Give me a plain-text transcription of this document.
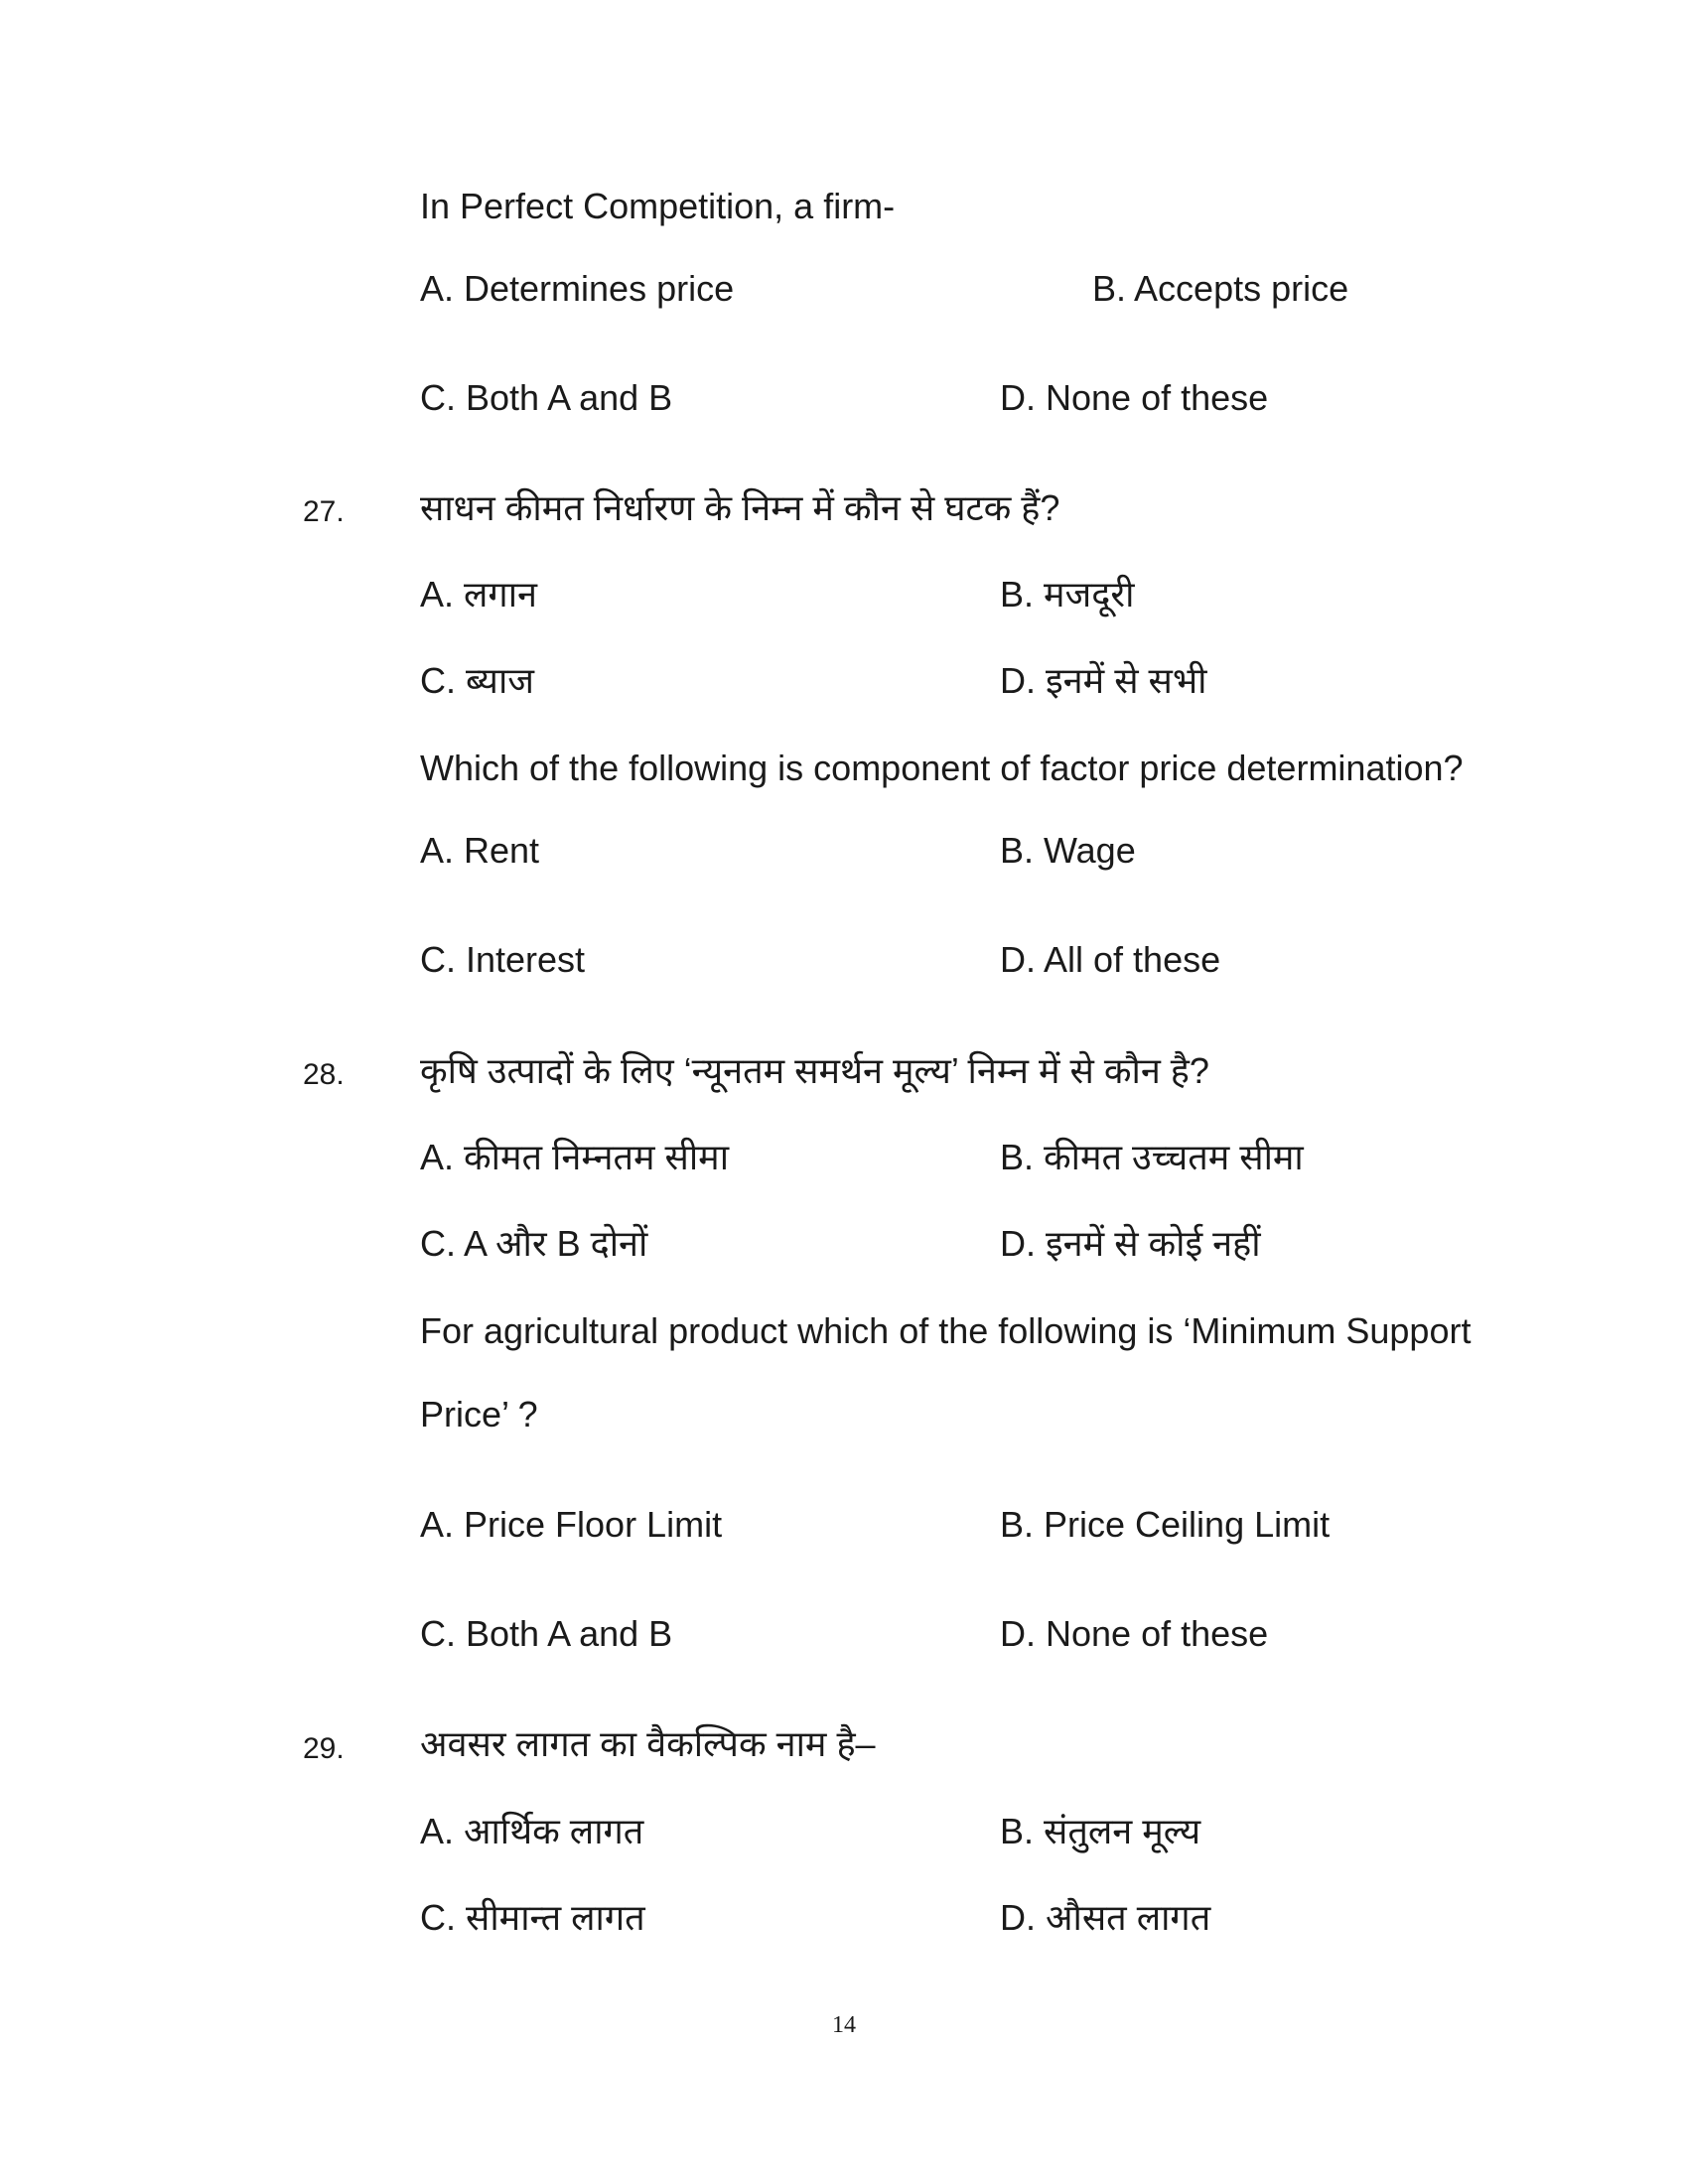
In Perfect Competition, a firm-
A. Determines price	B. Accepts price
C. Both A and B	D. None of these
27. साधन कीमत निर्धारण के निम्न में कौन से घटक हैं?
A. लगान	B. मजदूरी
C. ब्याज	D. इनमें से सभी
Which of the following is component of factor price determination?
A. Rent	B. Wage
C. Interest	D. All of these
28. कृषि उत्पादों के लिए ‘न्यूनतम समर्थन मूल्य’ निम्न में से कौन है?
A. कीमत निम्नतम सीमा	B. कीमत उच्चतम सीमा
C. A और B दोनों	D. इनमें से कोई नहीं
For agricultural product which of the following is ‘Minimum Support
Price’ ?
A. Price Floor Limit	B. Price Ceiling Limit
C. Both A and B	D. None of these
29. अवसर लागत का वैकल्पिक नाम है–
A. आर्थिक लागत	B. संतुलन मूल्य
C. सीमान्त लागत	D. औसत लागत
14
